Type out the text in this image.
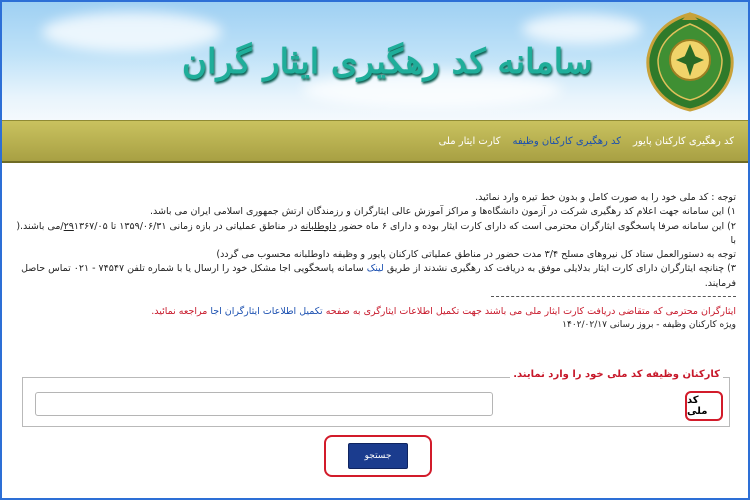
سامانه کد رهگیری ایثار گران
کد رهگیری کارکنان پایور
کد رهگیری کارکنان وظیفه
کارت ایثار ملی

توجه : کد ملی خود را به صورت کامل و بدون خط تیره وارد نمائید.

۱) این سامانه جهت اعلام کد رهگیری شرکت در آزمون دانشگاه‌ها و مراکز آموزش عالی ایثارگران و رزمندگان ارتش جمهوری اسلامی ایران می باشد.

۲) این سامانه صرفا پاسخگوی ایثارگران محترمی است که دارای کارت ایثار بوده و دارای ۶ ماه حضور داوطلبانه در مناطق عملیاتی در بازه زمانی ۱۳۵۹/۰۶/۳۱ تا ۲۹۱۳۶۷/۰۵/می باشند.( با

توجه به دستورالعمل ستاد کل نیروهای مسلح ۳/۴ مدت حضور در مناطق عملیاتی کارکنان پایور و وظیفه داوطلبانه محسوب می گردد)

۳) چنانچه ایثارگران دارای کارت ایثار بدلایلی موفق به دریافت کد رهگیری نشدند از طریق لینک سامانه پاسخگویی اجا مشکل خود را ارسال یا با شماره تلفن ۷۴۵۴۷ - ۰۲۱ تماس حاصل

فرمایند.

ایثارگران محترمی که متقاضی دریافت کارت ایثار ملی می باشند جهت تکمیل اطلاعات ایثارگری به صفحه تکمیل اطلاعات ایثارگران اجا مراجعه نمائید.

ویژه کارکنان وظیفه - بروز رسانی ۱۴۰۲/۰۲/۱۷

کارکنان وظیفه کد ملی خود را وارد نمایند.
کد ملی
جستجو
